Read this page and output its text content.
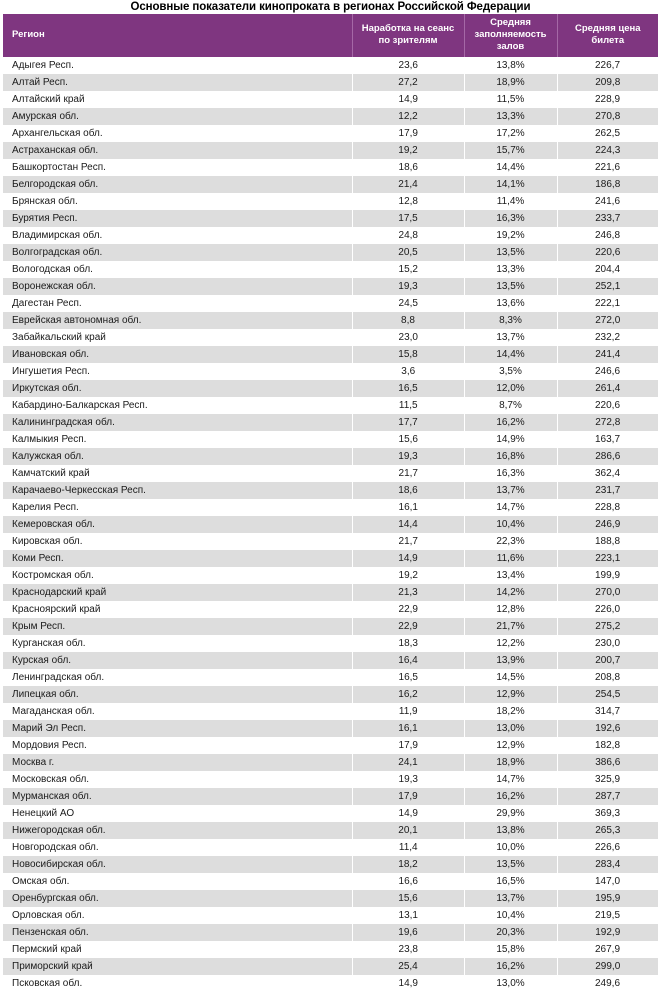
Основные показатели кинопроката в регионах Российской Федерации
Регион	Наработка на сеанс по зрителям	Средняя заполняемость залов	Средняя цена билета
Адыгея Респ.	23,6	13,8%	226,7
Алтай Респ.	27,2	18,9%	209,8
Алтайский край	14,9	11,5%	228,9
Амурская обл.	12,2	13,3%	270,8
Архангельская обл.	17,9	17,2%	262,5
Астраханская обл.	19,2	15,7%	224,3
Башкортостан Респ.	18,6	14,4%	221,6
Белгородская обл.	21,4	14,1%	186,8
Брянская обл.	12,8	11,4%	241,6
Бурятия Респ.	17,5	16,3%	233,7
Владимирская обл.	24,8	19,2%	246,8
Волгоградская обл.	20,5	13,5%	220,6
Вологодская обл.	15,2	13,3%	204,4
Воронежская обл.	19,3	13,5%	252,1
Дагестан Респ.	24,5	13,6%	222,1
Еврейская автономная обл.	8,8	8,3%	272,0
Забайкальский край	23,0	13,7%	232,2
Ивановская обл.	15,8	14,4%	241,4
Ингушетия Респ.	3,6	3,5%	246,6
Иркутская обл.	16,5	12,0%	261,4
Кабардино-Балкарская Респ.	11,5	8,7%	220,6
Калининградская обл.	17,7	16,2%	272,8
Калмыкия Респ.	15,6	14,9%	163,7
Калужская обл.	19,3	16,8%	286,6
Камчатский край	21,7	16,3%	362,4
Карачаево-Черкесская Респ.	18,6	13,7%	231,7
Карелия Респ.	16,1	14,7%	228,8
Кемеровская обл.	14,4	10,4%	246,9
Кировская обл.	21,7	22,3%	188,8
Коми Респ.	14,9	11,6%	223,1
Костромская обл.	19,2	13,4%	199,9
Краснодарский край	21,3	14,2%	270,0
Красноярский край	22,9	12,8%	226,0
Крым Респ.	22,9	21,7%	275,2
Курганская обл.	18,3	12,2%	230,0
Курская обл.	16,4	13,9%	200,7
Ленинградская обл.	16,5	14,5%	208,8
Липецкая обл.	16,2	12,9%	254,5
Магаданская обл.	11,9	18,2%	314,7
Марий Эл Респ.	16,1	13,0%	192,6
Мордовия Респ.	17,9	12,9%	182,8
Москва г.	24,1	18,9%	386,6
Московская обл.	19,3	14,7%	325,9
Мурманская обл.	17,9	16,2%	287,7
Ненецкий АО	14,9	29,9%	369,3
Нижегородская обл.	20,1	13,8%	265,3
Новгородская обл.	11,4	10,0%	226,6
Новосибирская обл.	18,2	13,5%	283,4
Омская обл.	16,6	16,5%	147,0
Оренбургская обл.	15,6	13,7%	195,9
Орловская обл.	13,1	10,4%	219,5
Пензенская обл.	19,6	20,3%	192,9
Пермский край	23,8	15,8%	267,9
Приморский край	25,4	16,2%	299,0
Псковская обл.	14,9	13,0%	249,6
